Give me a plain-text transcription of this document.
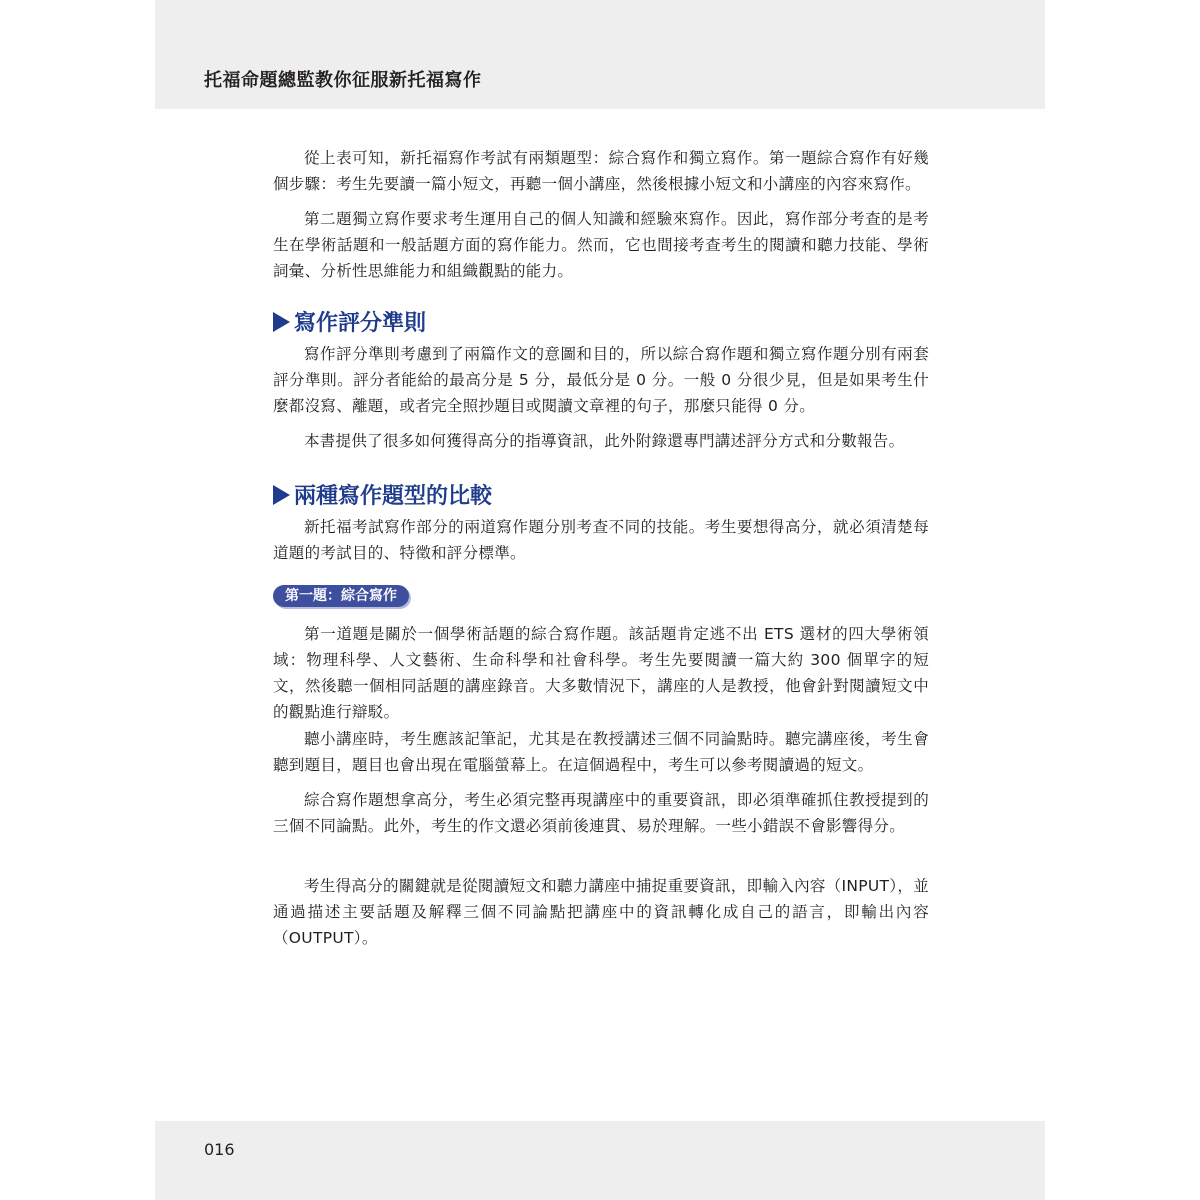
托福命題總監教你征服新托福寫作

從上表可知，新托福寫作考試有兩類題型：綜合寫作和獨立寫作。第一題綜合寫作有好幾個步驟：考生先要讀一篇小短文，再聽一個小講座，然後根據小短文和小講座的內容來寫作。

第二題獨立寫作要求考生運用自己的個人知識和經驗來寫作。因此，寫作部分考查的是考生在學術話題和一般話題方面的寫作能力。然而，它也間接考查考生的閱讀和聽力技能、學術詞彙、分析性思維能力和組織觀點的能力。

寫作評分準則

寫作評分準則考慮到了兩篇作文的意圖和目的，所以綜合寫作題和獨立寫作題分別有兩套評分準則。評分者能給的最高分是 5 分，最低分是 0 分。一般 0 分很少見，但是如果考生什麼都沒寫、離題，或者完全照抄題目或閱讀文章裡的句子，那麼只能得 0 分。

本書提供了很多如何獲得高分的指導資訊，此外附錄還專門講述評分方式和分數報告。

兩種寫作題型的比較

新托福考試寫作部分的兩道寫作題分別考查不同的技能。考生要想得高分，就必須清楚每道題的考試目的、特徵和評分標準。

第一題：綜合寫作

第一道題是關於一個學術話題的綜合寫作題。該話題肯定逃不出 ETS 選材的四大學術領域：物理科學、人文藝術、生命科學和社會科學。考生先要閱讀一篇大約 300 個單字的短文，然後聽一個相同話題的講座錄音。大多數情況下，講座的人是教授，他會針對閱讀短文中的觀點進行辯駁。

聽小講座時，考生應該記筆記，尤其是在教授講述三個不同論點時。聽完講座後，考生會聽到題目，題目也會出現在電腦螢幕上。在這個過程中，考生可以參考閱讀過的短文。

綜合寫作題想拿高分，考生必須完整再現講座中的重要資訊，即必須準確抓住教授提到的三個不同論點。此外，考生的作文還必須前後連貫、易於理解。一些小錯誤不會影響得分。

考生得高分的關鍵就是從閱讀短文和聽力講座中捕捉重要資訊，即輸入內容（INPUT），並通過描述主要話題及解釋三個不同論點把講座中的資訊轉化成自己的語言，即輸出內容（OUTPUT）。

016
